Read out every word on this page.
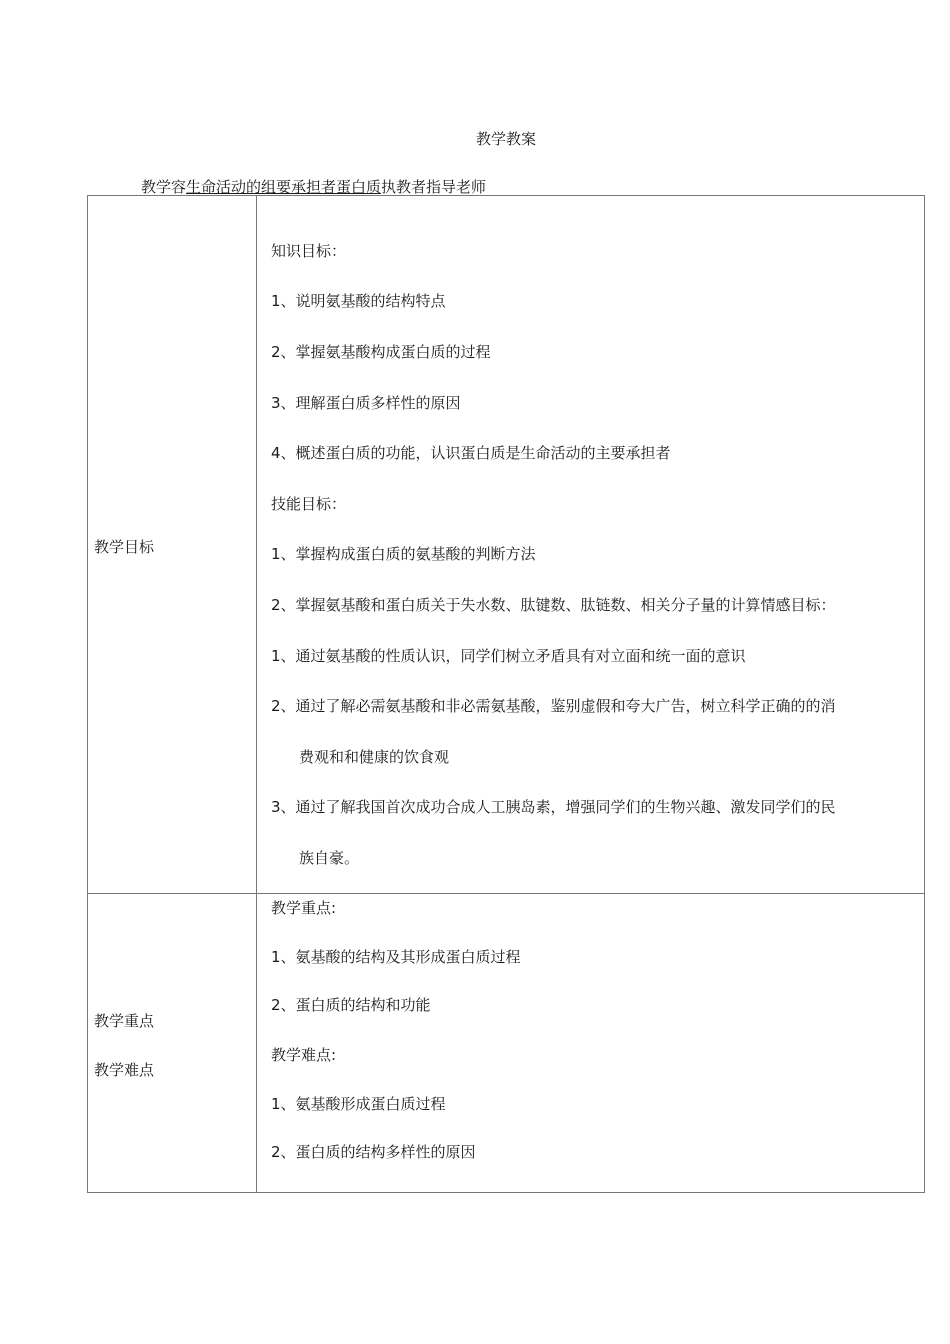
教学教案
教学容生命活动的组要承担者蛋白质执教者指导老师
教学目标
知识目标：
1、说明氨基酸的结构特点
2、掌握氨基酸构成蛋白质的过程
3、理解蛋白质多样性的原因
4、概述蛋白质的功能，认识蛋白质是生命活动的主要承担者
技能目标：
1、掌握构成蛋白质的氨基酸的判断方法
2、掌握氨基酸和蛋白质关于失水数、肽键数、肽链数、相关分子量的计算情感目标：
1、通过氨基酸的性质认识，同学们树立矛盾具有对立面和统一面的意识
2、通过了解必需氨基酸和非必需氨基酸，鉴别虚假和夸大广告，树立科学正确的的消
费观和和健康的饮食观
3、通过了解我国首次成功合成人工胰岛素，增强同学们的生物兴趣、激发同学们的民
族自豪。
教学重点
教学难点
教学重点:
1、氨基酸的结构及其形成蛋白质过程
2、蛋白质的结构和功能
教学难点:
1、氨基酸形成蛋白质过程
2、蛋白质的结构多样性的原因
